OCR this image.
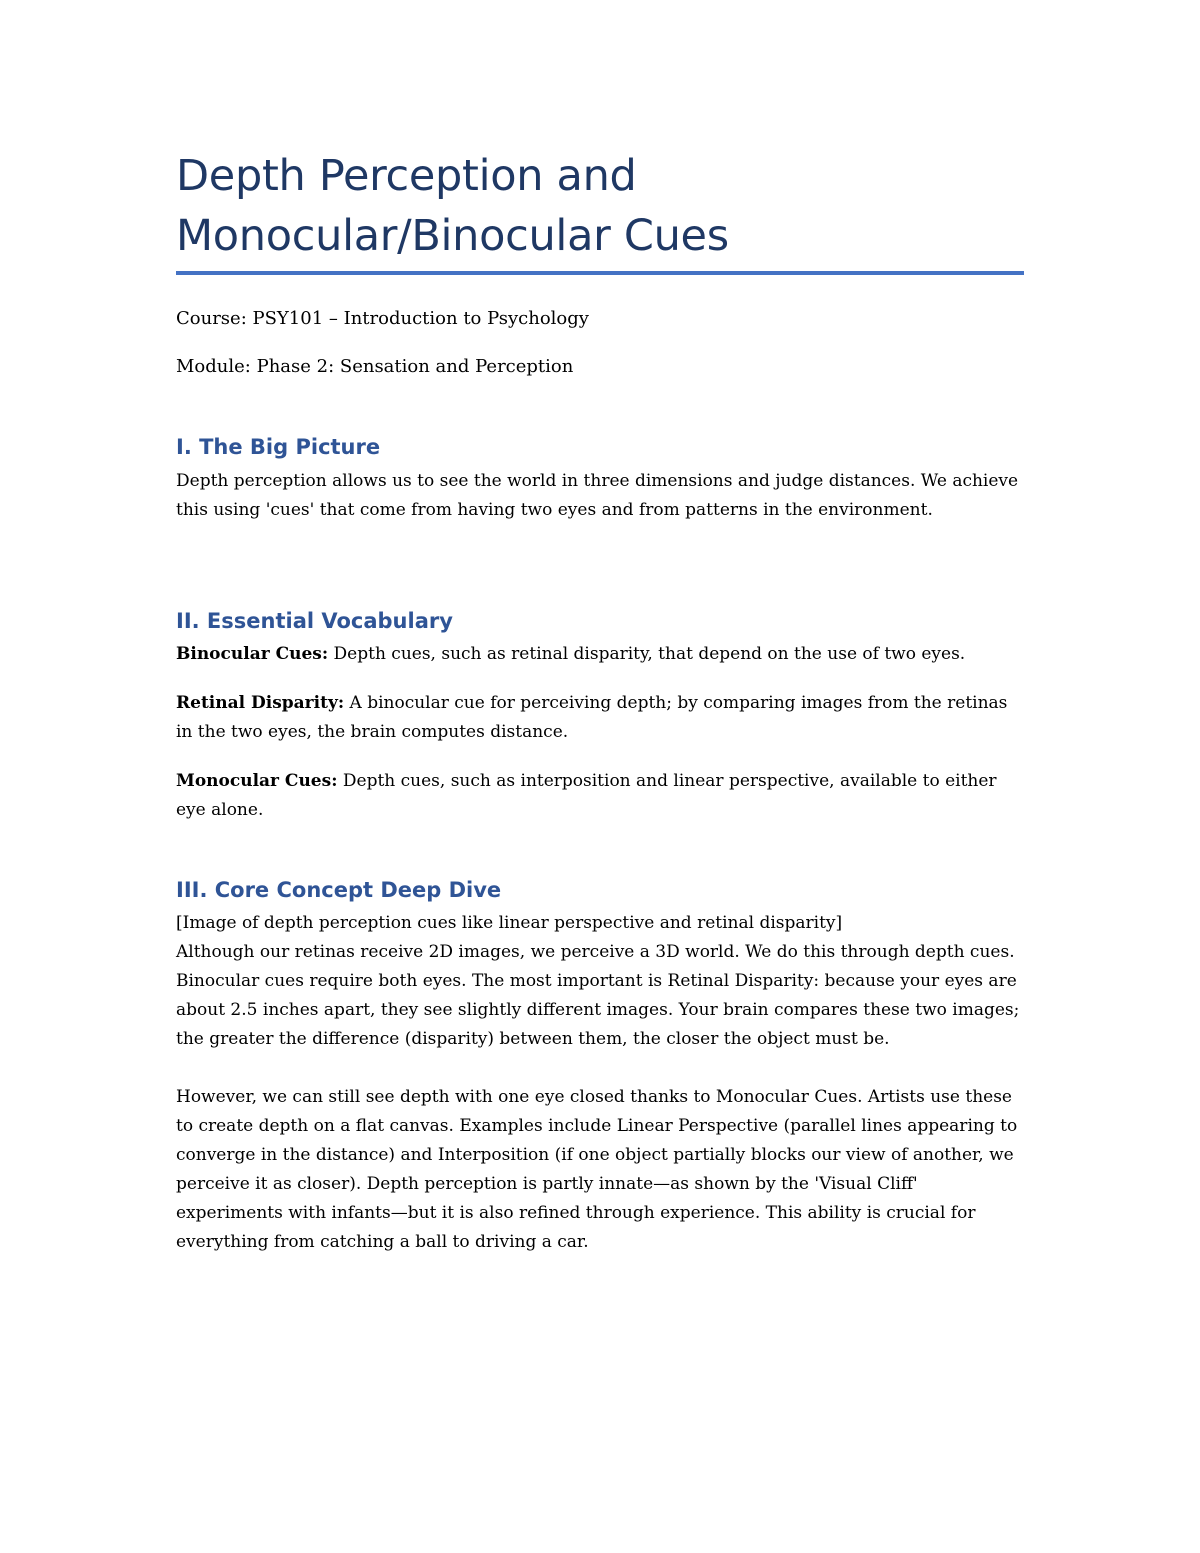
Depth Perception and
Monocular/Binocular Cues
Course: PSY101 – Introduction to Psychology
Module: Phase 2: Sensation and Perception
I. The Big Picture
Depth perception allows us to see the world in three dimensions and judge distances. We achieve this using 'cues' that come from having two eyes and from patterns in the environment.
II. Essential Vocabulary
Binocular Cues: Depth cues, such as retinal disparity, that depend on the use of two eyes.
Retinal Disparity: A binocular cue for perceiving depth; by comparing images from the retinas in the two eyes, the brain computes distance.
Monocular Cues: Depth cues, such as interposition and linear perspective, available to either eye alone.
III. Core Concept Deep Dive
[Image of depth perception cues like linear perspective and retinal disparity]
Although our retinas receive 2D images, we perceive a 3D world. We do this through depth cues. Binocular cues require both eyes. The most important is Retinal Disparity: because your eyes are about 2.5 inches apart, they see slightly different images. Your brain compares these two images; the greater the difference (disparity) between them, the closer the object must be.
However, we can still see depth with one eye closed thanks to Monocular Cues. Artists use these to create depth on a flat canvas. Examples include Linear Perspective (parallel lines appearing to converge in the distance) and Interposition (if one object partially blocks our view of another, we perceive it as closer). Depth perception is partly innate—as shown by the 'Visual Cliff' experiments with infants—but it is also refined through experience. This ability is crucial for everything from catching a ball to driving a car.
